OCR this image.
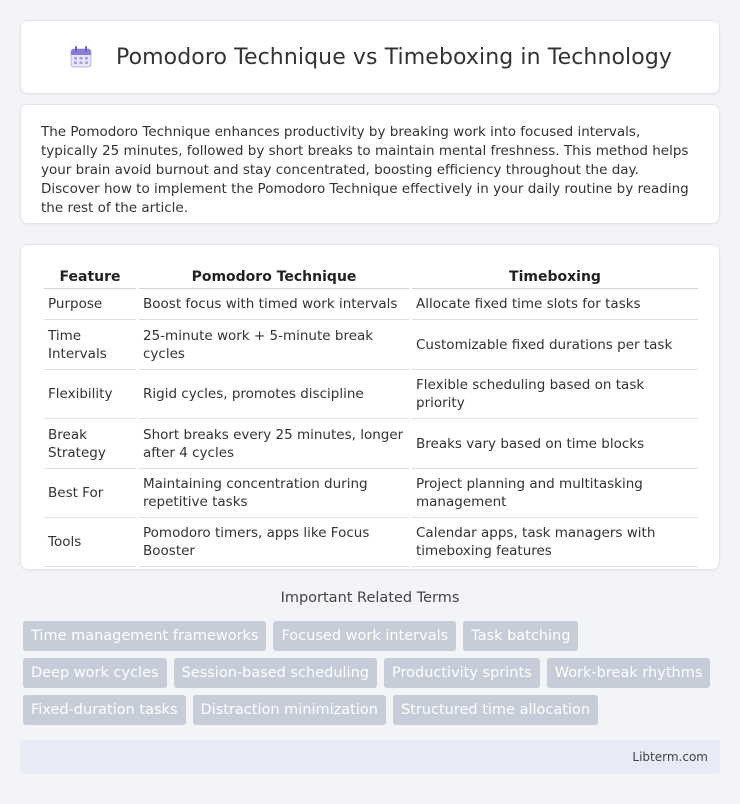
Pomodoro Technique vs Timeboxing in Technology

The Pomodoro Technique enhances productivity by breaking work into focused intervals, typically 25 minutes, followed by short breaks to maintain mental freshness. This method helps your brain avoid burnout and stay concentrated, boosting efficiency throughout the day. Discover how to implement the Pomodoro Technique effectively in your daily routine by reading the rest of the article.

Feature	Pomodoro Technique	Timeboxing
Purpose	Boost focus with timed work intervals	Allocate fixed time slots for tasks
Time Intervals	25-minute work + 5-minute break cycles	Customizable fixed durations per task
Flexibility	Rigid cycles, promotes discipline	Flexible scheduling based on task priority
Break Strategy	Short breaks every 25 minutes, longer after 4 cycles	Breaks vary based on time blocks
Best For	Maintaining concentration during repetitive tasks	Project planning and multitasking management
Tools	Pomodoro timers, apps like Focus Booster	Calendar apps, task managers with timeboxing features
Important Related Terms
Time management frameworks	Focused work intervals	Task batching
Deep work cycles	Session-based scheduling	Productivity sprints	Work-break rhythms
Fixed-duration tasks	Distraction minimization	Structured time allocation
Libterm.com
